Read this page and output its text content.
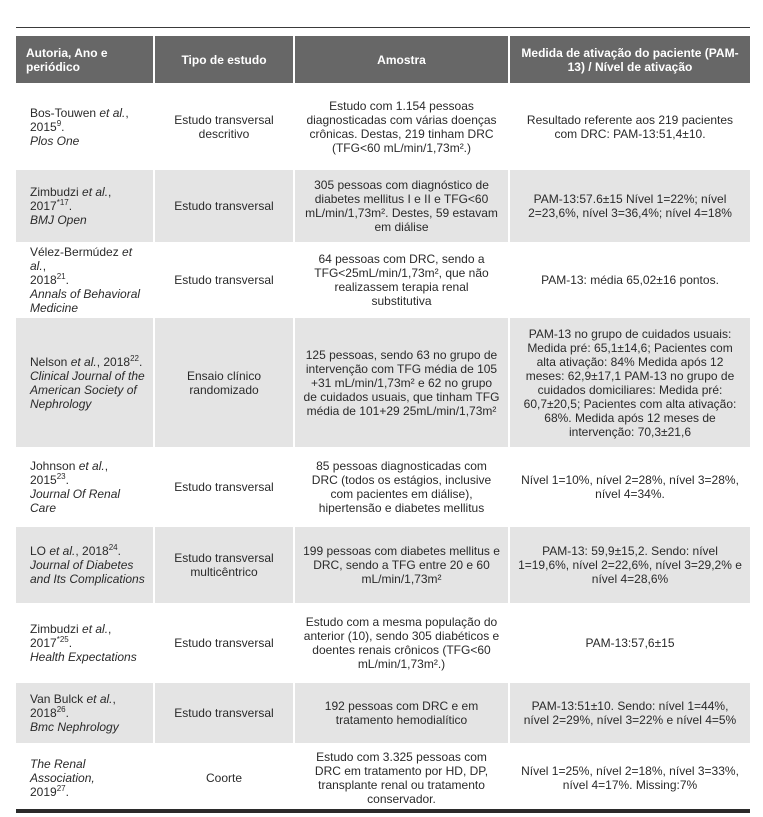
Autoria, Ano e periódico	Tipo de estudo	Amostra	Medida de ativação do paciente (PAM-13) / Nível de ativação
Bos-Touwen et al.,
2015$^9$.
Plos One	Estudo transversal descritivo	Estudo com 1.154 pessoas diagnosticadas com várias doenças crônicas. Destas, 219 tinham DRC (TFG<60 mL/min/1,73m².)	Resultado referente aos 219 pacientes com DRC: PAM-13:51,4±10.
Zimbudzi et al.,
2017$^{*17}$.
BMJ Open	Estudo transversal	305 pessoas com diagnóstico de diabetes mellitus I e II e TFG<60 mL/min/1,73m². Destes, 59 estavam em diálise	PAM-13:57.6±15 Nível 1=22%; nível 2=23,6%, nível 3=36,4%; nível 4=18%
Vélez-Bermúdez et al.,
2018$^{21}$.
Annals of Behavioral Medicine	Estudo transversal	64 pessoas com DRC, sendo a TFG<25mL/min/1,73m², que não realizassem terapia renal substitutiva	PAM-13: média 65,02±16 pontos.
Nelson et al., 2018$^{22}$.
Clinical Journal of the American Society of Nephrology	Ensaio clínico randomizado	125 pessoas, sendo 63 no grupo de intervenção com TFG média de 105 +31 mL/min/1,73m² e 62 no grupo de cuidados usuais, que tinham TFG média de 101+29 25mL/min/1,73m²	PAM-13 no grupo de cuidados usuais: Medida pré: 65,1±14,6; Pacientes com alta ativação: 84% Medida após 12 meses: 62,9±17,1 PAM-13 no grupo de cuidados domiciliares: Medida pré: 60,7±20,5; Pacientes com alta ativação: 68%. Medida após 12 meses de intervenção: 70,3±21,6
Johnson et al., 2015$^{23}$.
Journal Of Renal Care	Estudo transversal	85 pessoas diagnosticadas com DRC (todos os estágios, inclusive com pacientes em diálise), hipertensão e diabetes mellitus	Nível 1=10%, nível 2=28%, nível 3=28%, nível 4=34%.
LO et al., 2018$^{24}$.
Journal of Diabetes and Its Complications	Estudo transversal multicêntrico	199 pessoas com diabetes mellitus e DRC, sendo a TFG entre 20 e 60 mL/min/1,73m²	PAM-13: 59,9±15,2. Sendo: nível 1=19,6%, nível 2=22,6%, nível 3=29,2% e nível 4=28,6%
Zimbudzi et al.,
2017$^{*25}$.
Health Expectations	Estudo transversal	Estudo com a mesma população do anterior (10), sendo 305 diabéticos e doentes renais crônicos (TFG<60 mL/min/1,73m².)	PAM-13:57,6±15
Van Bulck et al.,
2018$^{26}$.
Bmc Nephrology	Estudo transversal	192 pessoas com DRC e em tratamento hemodialítico	PAM-13:51±10. Sendo: nível 1=44%, nível 2=29%, nível 3=22% e nível 4=5%
The Renal Association,
2019$^{27}$.	Coorte	Estudo com 3.325 pessoas com DRC em tratamento por HD, DP, transplante renal ou tratamento conservador.	Nível 1=25%, nível 2=18%, nível 3=33%, nível 4=17%. Missing:7%
